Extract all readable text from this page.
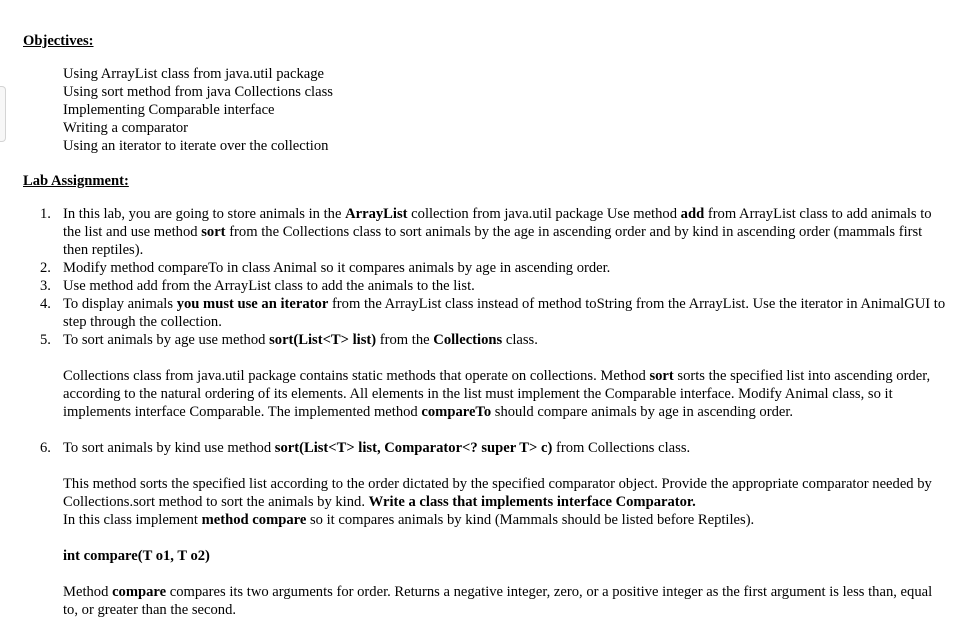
Objectives:
Using ArrayList class from java.util package
Using sort method from java Collections class
Implementing Comparable interface
Writing a comparator
Using an iterator to iterate over the collection
Lab Assignment:
1. In this lab, you are going to store animals in the ArrayList collection from java.util package Use method add from ArrayList class to add animals to the list and use method sort from the Collections class to sort animals by the age in ascending order and by kind in ascending order (mammals first then reptiles).
2. Modify method compareTo in class Animal so it compares animals by age in ascending order.
3. Use method add from the ArrayList class to add the animals to the list.
4. To display animals you must use an iterator from the ArrayList class instead of method toString from the ArrayList. Use the iterator in AnimalGUI to step through the collection.
5. To sort animals by age use method sort(List<T> list) from the Collections class.
Collections class from java.util package contains static methods that operate on collections. Method sort sorts the specified list into ascending order, according to the natural ordering of its elements. All elements in the list must implement the Comparable interface. Modify Animal class, so it implements interface Comparable. The implemented method compareTo should compare animals by age in ascending order.
6. To sort animals by kind use method sort(List<T> list, Comparator<? super T> c) from Collections class.
This method sorts the specified list according to the order dictated by the specified comparator object. Provide the appropriate comparator needed by Collections.sort method to sort the animals by kind. Write a class that implements interface Comparator.
In this class implement method compare so it compares animals by kind (Mammals should be listed before Reptiles).
int compare(T o1, T o2)
Method compare compares its two arguments for order. Returns a negative integer, zero, or a positive integer as the first argument is less than, equal to, or greater than the second.
